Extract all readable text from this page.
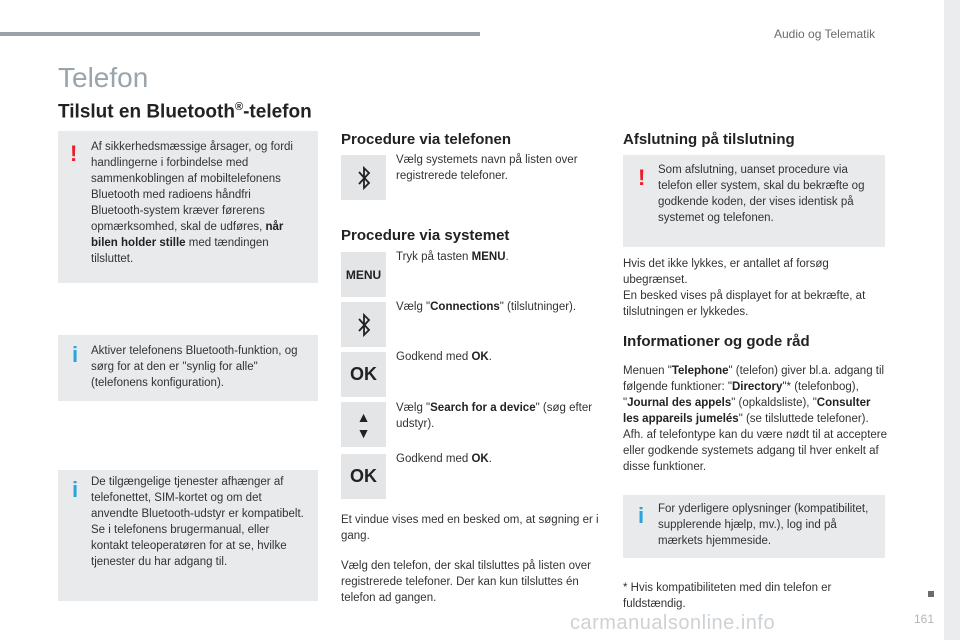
Audio og Telematik
161
Telefon
Tilslut en Bluetooth®-telefon
! Af sikkerhedsmæssige årsager, og fordi handlingerne i forbindelse med sammenkoblingen af mobiltelefonens Bluetooth med radioens håndfri Bluetooth-system kræver førerens opmærksomhed, skal de udføres, når bilen holder stille med tændingen tilsluttet.
i Aktiver telefonens Bluetooth-funktion, og sørg for at den er "synlig for alle" (telefonens konfiguration).
i De tilgængelige tjenester afhænger af telefonettet, SIM-kortet og om det anvendte Bluetooth-udstyr er kompatibelt.
Se i telefonens brugermanual, eller kontakt teleoperatøren for at se, hvilke tjenester du har adgang til.
Procedure via telefonen
Vælg systemets navn på listen over registrerede telefoner.
Procedure via systemet
MENU
Tryk på tasten MENU.
Vælg "Connections" (tilslutninger).
OK
Godkend med OK.
▲
▼
Vælg "Search for a device" (søg efter udstyr).
OK
Godkend med OK.
Et vindue vises med en besked om, at søgning er i gang.
Vælg den telefon, der skal tilsluttes på listen over registrerede telefoner. Der kan kun tilsluttes én telefon ad gangen.
Afslutning på tilslutning
! Som afslutning, uanset procedure via telefon eller system, skal du bekræfte og godkende koden, der vises identisk på systemet og telefonen.
Hvis det ikke lykkes, er antallet af forsøg ubegrænset.
En besked vises på displayet for at bekræfte, at tilslutningen er lykkedes.
Informationer og gode råd
Menuen "Telephone" (telefon) giver bl.a. adgang til følgende funktioner: "Directory"* (telefonbog), "Journal des appels" (opkaldsliste), "Consulter les appareils jumelés" (se tilsluttede telefoner).
Afh. af telefontype kan du være nødt til at acceptere eller godkende systemets adgang til hver enkelt af disse funktioner.
i For yderligere oplysninger (kompatibilitet, supplerende hjælp, mv.), log ind på mærkets hjemmeside.
* Hvis kompatibiliteten med din telefon er fuldstændig.
carmanualsonline.info
